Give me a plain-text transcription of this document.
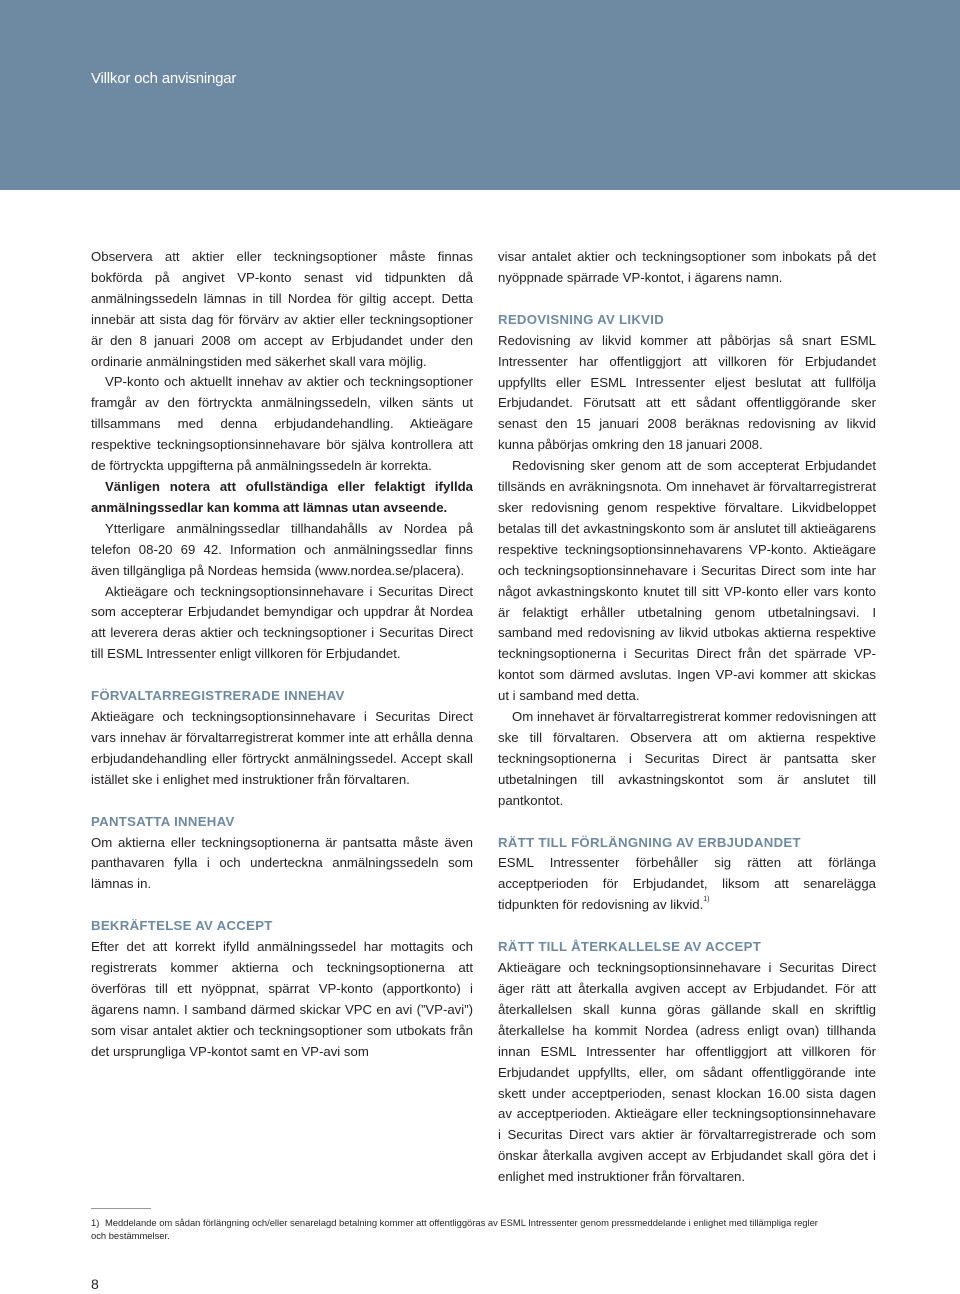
Villkor och anvisningar

Observera att aktier eller teckningsoptioner måste finnas bokförda på angivet VP-konto senast vid tidpunkten då anmälningssedeln lämnas in till Nordea för giltig accept. Detta innebär att sista dag för förvärv av aktier eller teckningsoptioner är den 8 januari 2008 om accept av Erbjudandet under den ordinarie anmälningstiden med säkerhet skall vara möjlig.

VP-konto och aktuellt innehav av aktier och teckningsoptioner framgår av den förtryckta anmälningssedeln, vilken sänts ut tillsammans med denna erbjudandehandling. Aktieägare respektive teckningsoptionsinnehavare bör själva kontrollera att de förtryckta uppgifterna på anmälningssedeln är korrekta.

Vänligen notera att ofullständiga eller felaktigt ifyllda anmälningssedlar kan komma att lämnas utan avseende.

Ytterligare anmälningssedlar tillhandahålls av Nordea på telefon 08-20 69 42. Information och anmälningssedlar finns även tillgängliga på Nordeas hemsida (www.nordea.se/placera).

Aktieägare och teckningsoptionsinnehavare i Securitas Direct som accepterar Erbjudandet bemyndigar och uppdrar åt Nordea att leverera deras aktier och teckningsoptioner i Securitas Direct till ESML Intressenter enligt villkoren för Erbjudandet.

FÖRVALTARREGISTRERADE INNEHAV

Aktieägare och teckningsoptionsinnehavare i Securitas Direct vars innehav är förvaltarregistrerat kommer inte att erhålla denna erbjudandehandling eller förtryckt anmälningssedel. Accept skall istället ske i enlighet med instruktioner från förvaltaren.

PANTSATTA INNEHAV

Om aktierna eller teckningsoptionerna är pantsatta måste även panthavaren fylla i och underteckna anmälningssedeln som lämnas in.

BEKRÄFTELSE AV ACCEPT

Efter det att korrekt ifylld anmälningssedel har mottagits och registrerats kommer aktierna och teckningsoptionerna att överföras till ett nyöppnat, spärrat VP-konto (apportkonto) i ägarens namn. I samband därmed skickar VPC en avi (”VP-avi”) som visar antalet aktier och teckningsoptioner som utbokats från det ursprungliga VP-kontot samt en VP-avi som

visar antalet aktier och teckningsoptioner som inbokats på det nyöppnade spärrade VP-kontot, i ägarens namn.

REDOVISNING AV LIKVID

Redovisning av likvid kommer att påbörjas så snart ESML Intressenter har offentliggjort att villkoren för Erbjudandet uppfyllts eller ESML Intressenter eljest beslutat att fullfölja Erbjudandet. Förutsatt att ett sådant offentliggörande sker senast den 15 januari 2008 beräknas redovisning av likvid kunna påbörjas omkring den 18 januari 2008.

Redovisning sker genom att de som accepterat Erbjudandet tillsänds en avräkningsnota. Om innehavet är förvaltarregistrerat sker redovisning genom respektive förvaltare. Likvidbeloppet betalas till det avkastningskonto som är anslutet till aktieägarens respektive teckningsoptionsinnehavarens VP-konto. Aktieägare och teckningsoptionsinnehavare i Securitas Direct som inte har något avkastningskonto knutet till sitt VP-konto eller vars konto är felaktigt erhåller utbetalning genom utbetalningsavi. I samband med redovisning av likvid utbokas aktierna respektive teckningsoptionerna i Securitas Direct från det spärrade VP-kontot som därmed avslutas. Ingen VP-avi kommer att skickas ut i samband med detta.

Om innehavet är förvaltarregistrerat kommer redovisningen att ske till förvaltaren. Observera att om aktierna respektive teckningsoptionerna i Securitas Direct är pantsatta sker utbetalningen till avkastningskontot som är anslutet till pantkontot.

RÄTT TILL FÖRLÄNGNING AV ERBJUDANDET

ESML Intressenter förbehåller sig rätten att förlänga acceptperioden för Erbjudandet, liksom att senarelägga tidpunkten för redovisning av likvid.$^{1)}$

RÄTT TILL ÅTERKALLELSE AV ACCEPT

Aktieägare och teckningsoptionsinnehavare i Securitas Direct äger rätt att återkalla avgiven accept av Erbjudandet. För att återkallelsen skall kunna göras gällande skall en skriftlig återkallelse ha kommit Nordea (adress enligt ovan) tillhanda innan ESML Intressenter har offentliggjort att villkoren för Erbjudandet uppfyllts, eller, om sådant offentliggörande inte skett under acceptperioden, senast klockan 16.00 sista dagen av acceptperioden. Aktieägare eller teckningsoptionsinnehavare i Securitas Direct vars aktier är förvaltarregistrerade och som önskar återkalla avgiven accept av Erbjudandet skall göra det i enlighet med instruktioner från förvaltaren.

1) Meddelande om sådan förlängning och/eller senarelagd betalning kommer att offentliggöras av ESML Intressenter genom pressmeddelande i enlighet med tillämpliga regler och bestämmelser.
8
